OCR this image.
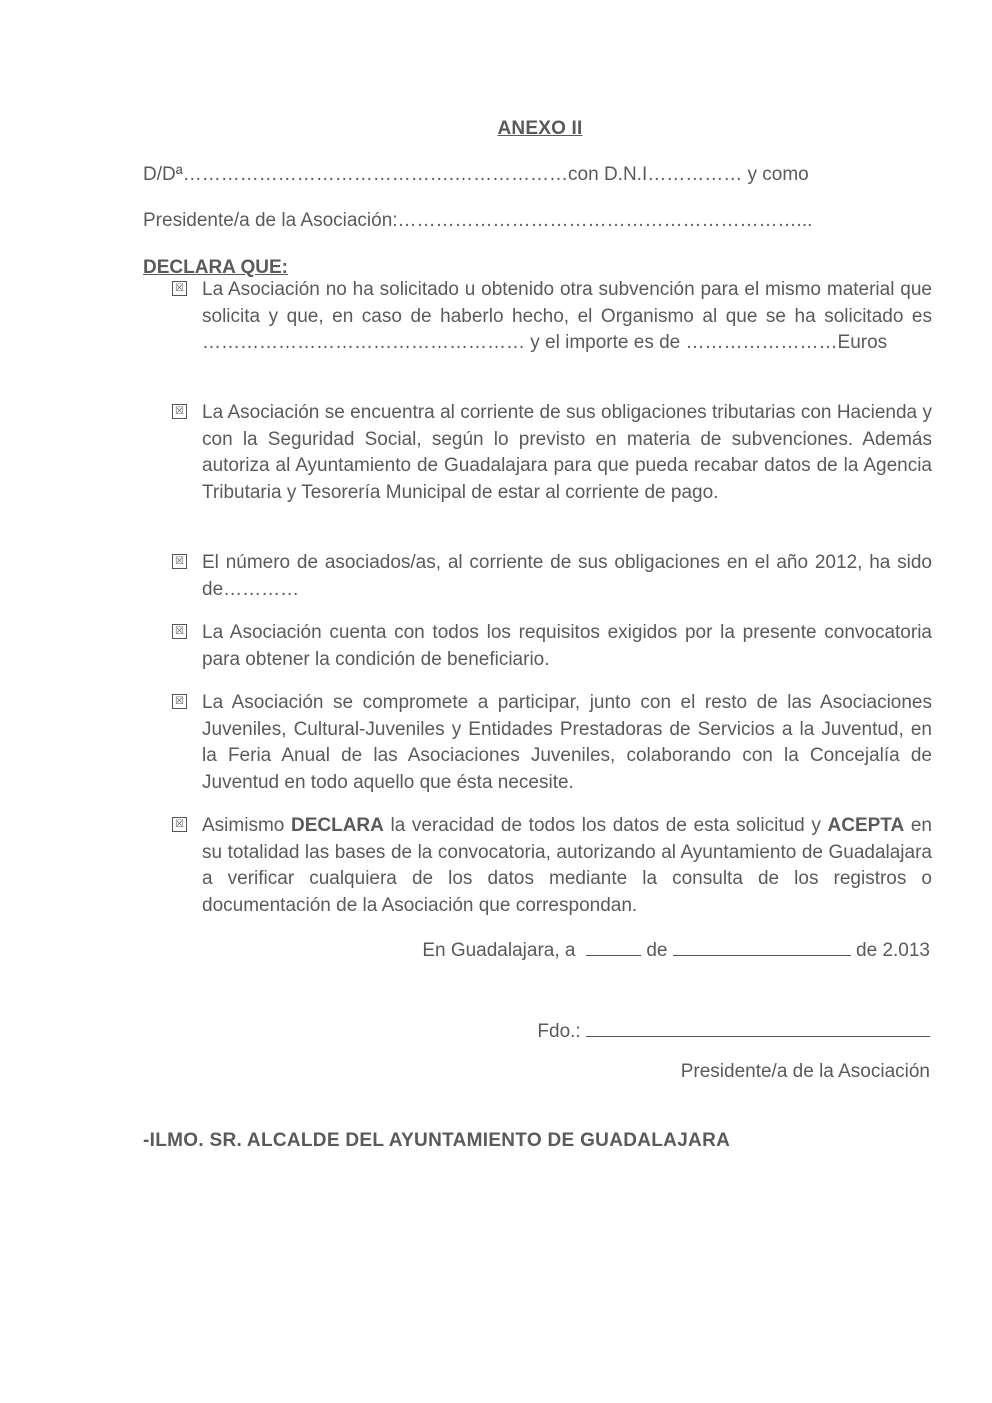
ANEXO II
D/Dª…………………………………….………………con D.N.I…………… y como
Presidente/a de la Asociación:………………………………………………………...
DECLARA QUE:
☒ La Asociación no ha solicitado u obtenido otra subvención para el mismo material que solicita y que, en caso de haberlo hecho, el Organismo al que se ha solicitado es …………………………………………… y el importe es de ……………………Euros
☒ La Asociación se encuentra al corriente de sus obligaciones tributarias con Hacienda y con la Seguridad Social, según lo previsto en materia de subvenciones. Además autoriza al Ayuntamiento de Guadalajara para que pueda recabar datos de la Agencia Tributaria y Tesorería Municipal de estar al corriente de pago.
☒ El número de asociados/as, al corriente de sus obligaciones en el año 2012, ha sido de…………
☒ La Asociación cuenta con todos los requisitos exigidos por la presente convocatoria para obtener la condición de beneficiario.
☒ La Asociación se compromete a participar, junto con el resto de las Asociaciones Juveniles, Cultural-Juveniles y Entidades Prestadoras de Servicios a la Juventud, en la Feria Anual de las Asociaciones Juveniles, colaborando con la Concejalía de Juventud en todo aquello que ésta necesite.
☒ Asimismo DECLARA la veracidad de todos los datos de esta solicitud y ACEPTA en su totalidad las bases de la convocatoria, autorizando al Ayuntamiento de Guadalajara a verificar cualquiera de los datos mediante la consulta de los registros o documentación de la Asociación que correspondan.
En Guadalajara, a	de	de 2.013
Fdo.:
Presidente/a de la Asociación
-ILMO. SR. ALCALDE DEL AYUNTAMIENTO DE GUADALAJARA
